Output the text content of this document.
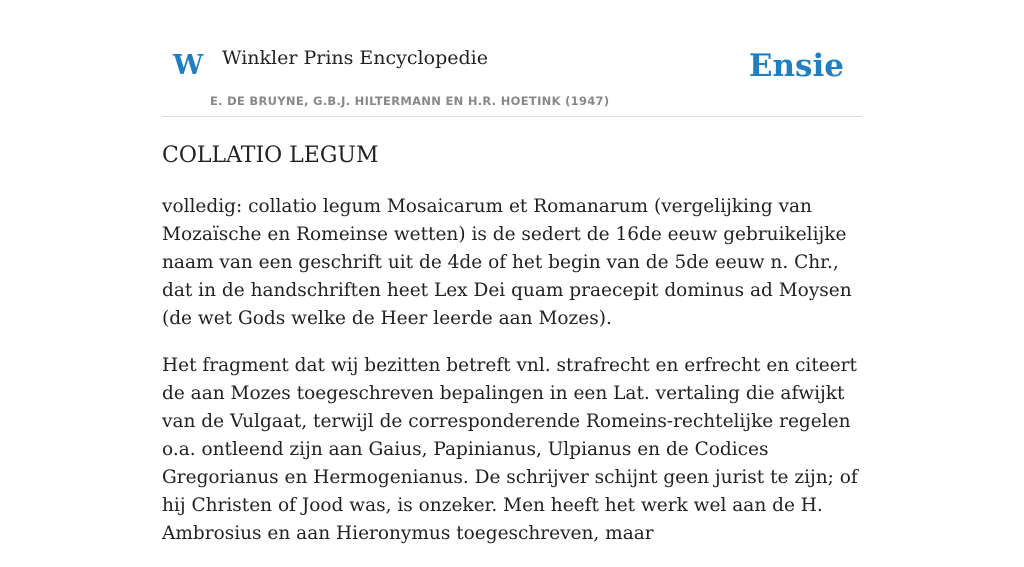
W Winkler Prins Encyclopedie	Ensie
E. DE BRUYNE, G.B.J. HILTERMANN EN H.R. HOETINK (1947)
COLLATIO LEGUM

volledig: collatio legum Mosaicarum et Romanarum (vergelijking van Mozaïsche en Romeinse wetten) is de sedert de 16de eeuw gebruikelijke naam van een geschrift uit de 4de of het begin van de 5de eeuw n. Chr., dat in de handschriften heet Lex Dei quam praecepit dominus ad Moysen (de wet Gods welke de Heer leerde aan Mozes).

Het fragment dat wij bezitten betreft vnl. strafrecht en erfrecht en citeert de aan Mozes toegeschreven bepalingen in een Lat. vertaling die afwijkt van de Vulgaat, terwijl de corresponderende Romeins-rechtelijke regelen o.a. ontleend zijn aan Gaius, Papinianus, Ulpianus en de Codices Gregorianus en Hermogenianus. De schrijver schijnt geen jurist te zijn; of hij Christen of Jood was, is onzeker. Men heeft het werk wel aan de H. Ambrosius en aan Hieronymus toegeschreven, maar
